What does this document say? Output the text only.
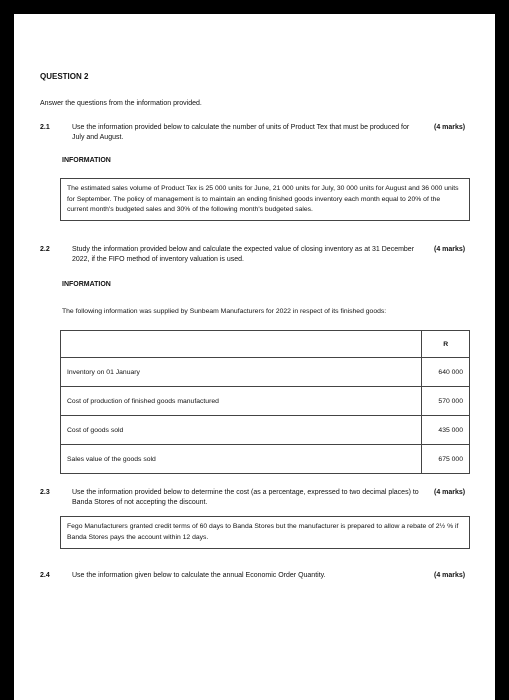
QUESTION 2
Answer the questions from the information provided.
2.1	Use the information provided below to calculate the number of units of Product Tex that must be produced for July and August.
(4 marks)
INFORMATION
The estimated sales volume of Product Tex is 25 000 units for June, 21 000 units for July, 30 000 units for August and 36 000 units for September. The policy of management is to maintain an ending finished goods inventory each month equal to 20% of the current month's budgeted sales and 30% of the following month's budgeted sales.
2.2	Study the information provided below and calculate the expected value of closing inventory as at 31 December 2022, if the FIFO method of inventory valuation is used.
(4 marks)
INFORMATION
The following information was supplied by Sunbeam Manufacturers for 2022 in respect of its finished goods:
	R
Inventory on 01 January	640 000
Cost of production of finished goods manufactured	570 000
Cost of goods sold	435 000
Sales value of the goods sold	675 000
2.3	Use the information provided below to determine the cost (as a percentage, expressed to two decimal places) to Banda Stores of not accepting the discount.
(4 marks)
Fego Manufacturers granted credit terms of 60 days to Banda Stores but the manufacturer is prepared to allow a rebate of 2½ % if Banda Stores pays the account within 12 days.
2.4	Use the information given below to calculate the annual Economic Order Quantity.	(4 marks)
